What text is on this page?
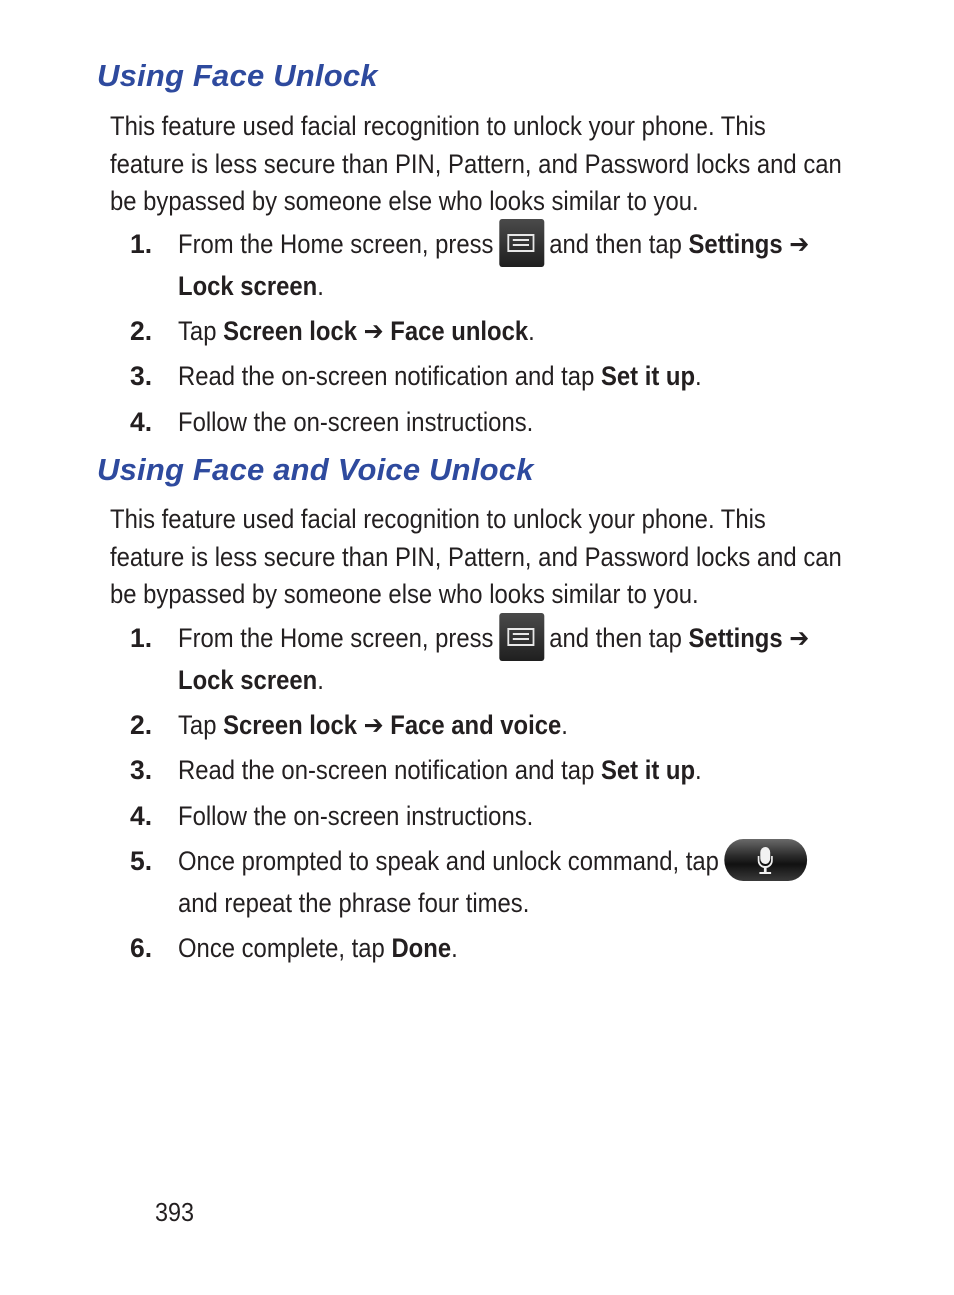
Using Face Unlock
This feature used facial recognition to unlock your phone. This
feature is less secure than PIN, Pattern, and Password locks and can
be bypassed by someone else who looks similar to you.
1. From the Home screen, press and then tap Settings ➔
Lock screen.
2. Tap Screen lock ➔ Face unlock.
3. Read the on-screen notification and tap Set it up.
4. Follow the on-screen instructions.
Using Face and Voice Unlock
This feature used facial recognition to unlock your phone. This
feature is less secure than PIN, Pattern, and Password locks and can
be bypassed by someone else who looks similar to you.
1. From the Home screen, press and then tap Settings ➔
Lock screen.
2. Tap Screen lock ➔ Face and voice.
3. Read the on-screen notification and tap Set it up.
4. Follow the on-screen instructions.
5. Once prompted to speak and unlock command, tap
and repeat the phrase four times.
6. Once complete, tap Done.
393
